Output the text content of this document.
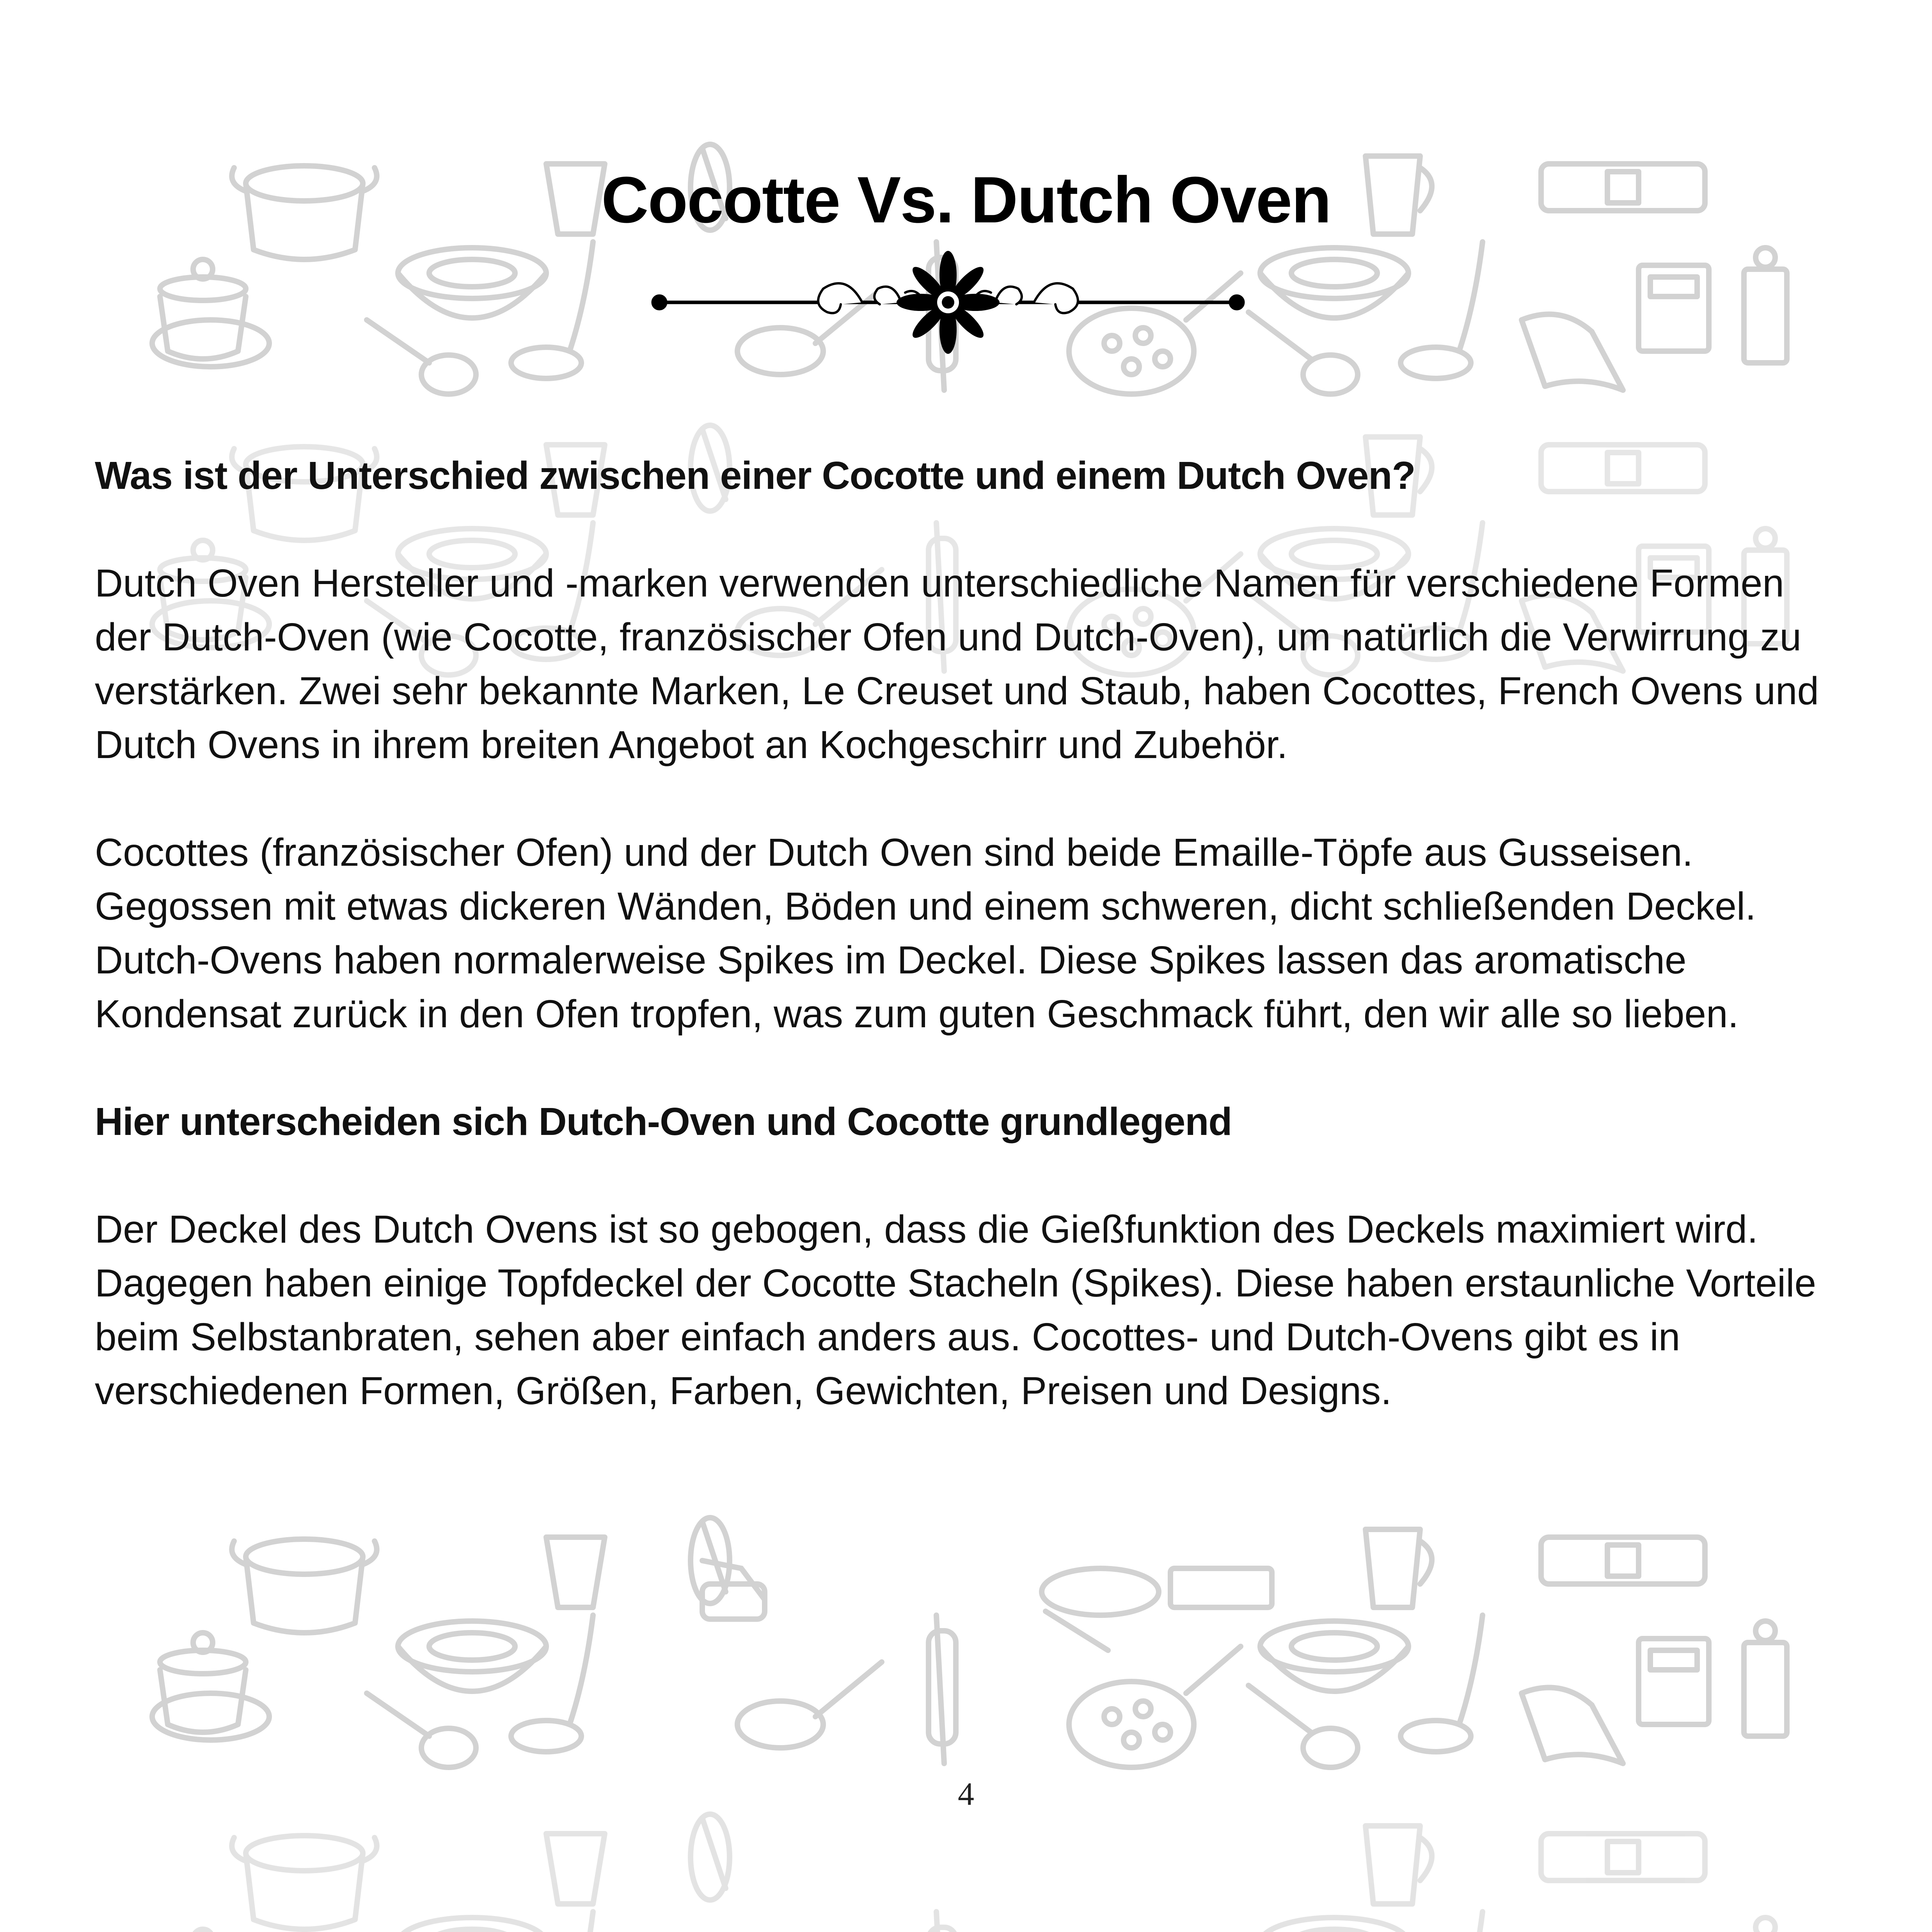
Cocotte Vs. Dutch Oven
Was ist der Unterschied zwischen einer Cocotte und einem Dutch Oven?

Dutch Oven Hersteller und -marken verwenden unterschiedliche Namen für verschiedene Formen der Dutch-Oven (wie Cocotte, französischer Ofen und Dutch-Oven), um natürlich die Verwirrung zu verstärken. Zwei sehr bekannte Marken, Le Creuset und Staub, haben Cocottes, French Ovens und Dutch Ovens in ihrem breiten Angebot an Kochgeschirr und Zubehör.

Cocottes (französischer Ofen) und der Dutch Oven sind beide Emaille-Töpfe aus Gusseisen. Gegossen mit etwas dickeren Wänden, Böden und einem schweren, dicht schließenden Deckel. Dutch-Ovens haben normalerweise Spikes im Deckel. Diese Spikes lassen das aromatische Kondensat zurück in den Ofen tropfen, was zum guten Geschmack führt, den wir alle so lieben.

Hier unterscheiden sich Dutch-Oven und Cocotte grundlegend

Der Deckel des Dutch Ovens ist so gebogen, dass die Gießfunktion des Deckels maximiert wird. Dagegen haben einige Topfdeckel der Cocotte Stacheln (Spikes). Diese haben erstaunliche Vorteile beim Selbstanbraten, sehen aber einfach anders aus. Cocottes- und Dutch-Ovens gibt es in verschiedenen Formen, Größen, Farben, Gewichten, Preisen und Designs.

4
